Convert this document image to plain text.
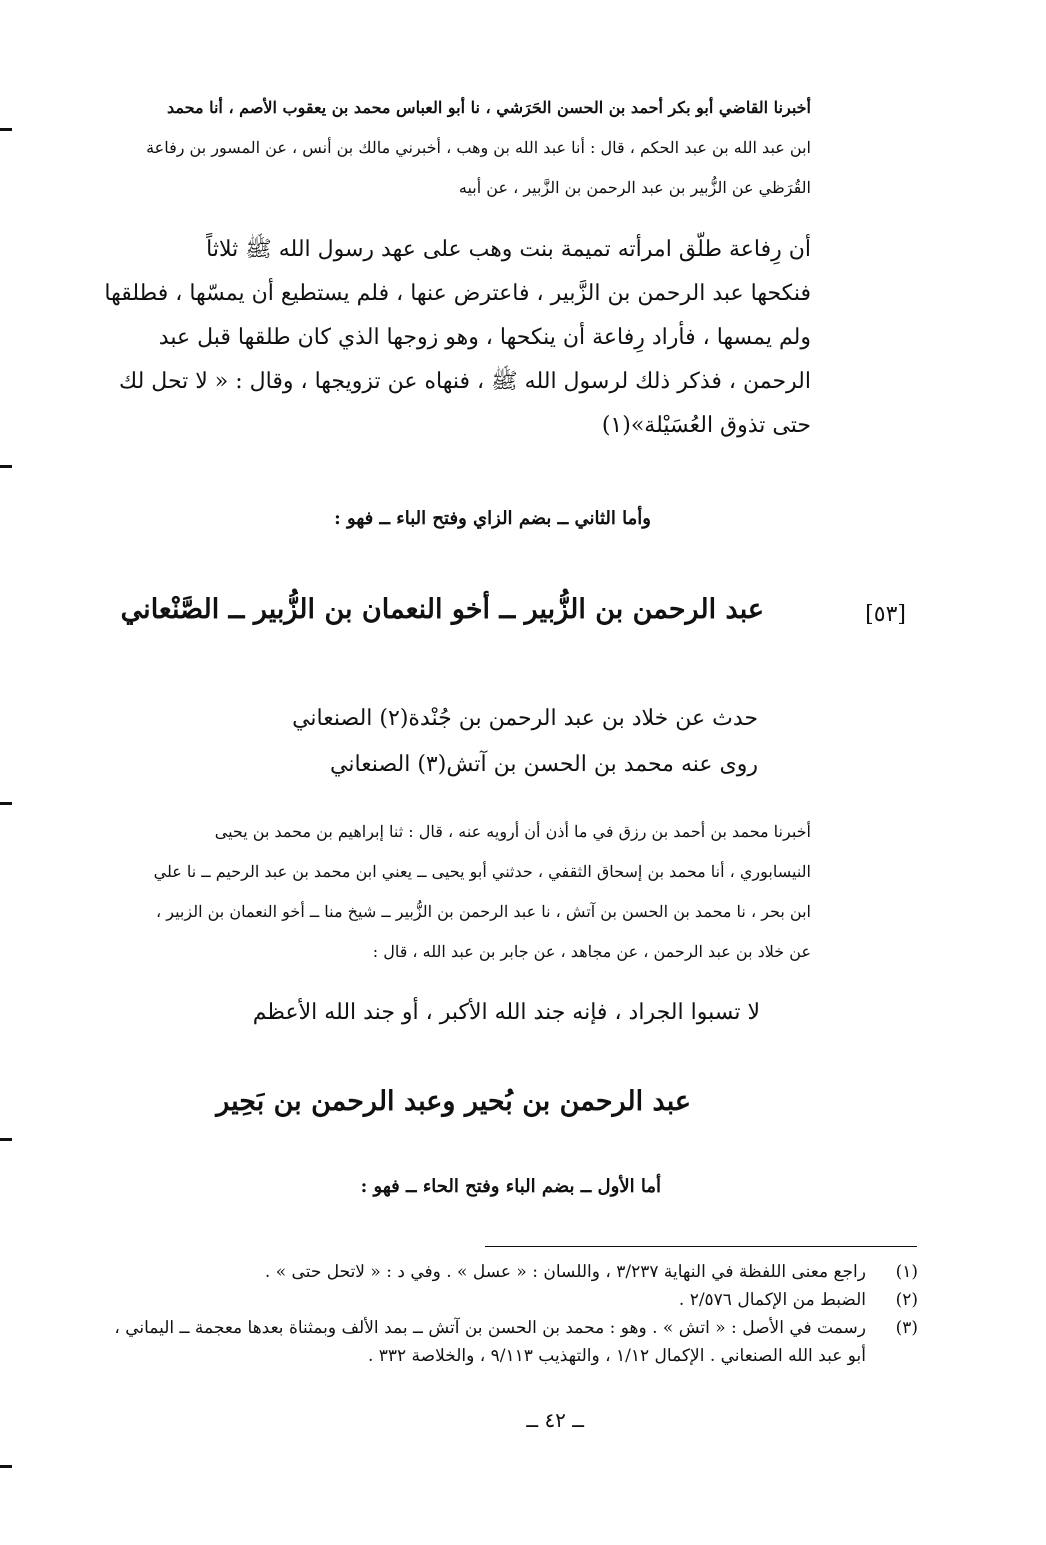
أخبرنا القاضي أبو بكر أحمد بن الحسن الحَرَشي ، نا أبو العباس محمد بن يعقوب الأصم ، أنا محمد
ابن عبد الله بن عبد الحكم ، قال : أنا عبد الله بن وهب ، أخبرني مالك بن أنس ، عن المسور بن رفاعة
القُرَظي عن الزُّبير بن عبد الرحمن بن الزَّبير ، عن أبيه
أن رِفاعة طلّق امرأته تميمة بنت وهب على عهد رسول الله ﷺ ثلاثاً
فنكحها عبد الرحمن بن الزَّبير ، فاعترض عنها ، فلم يستطيع أن يمسّها ، فطلقها
ولم يمسها ، فأراد رِفاعة أن ينكحها ، وهو زوجها الذي كان طلقها قبل عبد
الرحمن ، فذكر ذلك لرسول الله ﷺ ، فنهاه عن تزويجها ، وقال : « لا تحل لك
حتى تذوق العُسَيْلة»(١)
وأما الثاني ــ بضم الزاي وفتح الباء ــ فهو :
[٥٣]
عبد الرحمن بن الزُّبير ــ أخو النعمان بن الزُّبير ــ الصَّنْعاني
حدث عن خلاد بن عبد الرحمن بن جُنْدة(٢) الصنعاني
روى عنه محمد بن الحسن بن آتش(٣) الصنعاني
أخبرنا محمد بن أحمد بن رزق في ما أذن أن أرويه عنه ، قال : ثنا إبراهيم بن محمد بن يحيى
النيسابوري ، أنا محمد بن إسحاق الثقفي ، حدثني أبو يحيى ــ يعني ابن محمد بن عبد الرحيم ــ نا علي
ابن بحر ، نا محمد بن الحسن بن آتش ، نا عبد الرحمن بن الزُّبير ــ شيخ منا ــ أخو النعمان بن الزبير ،
عن خلاد بن عبد الرحمن ، عن مجاهد ، عن جابر بن عبد الله ، قال :
لا تسبوا الجراد ، فإنه جند الله الأكبر ، أو جند الله الأعظم
عبد الرحمن بن بُحير وعبد الرحمن بن بَحِير
أما الأول ــ بضم الباء وفتح الحاء ــ فهو :
(١)
راجع معنى اللفظة في النهاية ٣/٢٣٧ ، واللسان : « عسل » . وفي د : « لاتحل حتى » .
(٢)
الضبط من الإكمال ٢/٥٧٦ .
(٣)
رسمت في الأصل : « اتش » . وهو : محمد بن الحسن بن آتش ــ بمد الألف وبمثناة بعدها معجمة ــ اليماني ،
أبو عبد الله الصنعاني . الإكمال ١/١٢ ، والتهذيب ٩/١١٣ ، والخلاصة ٣٣٢ .
ــ ٤٢ ــ
